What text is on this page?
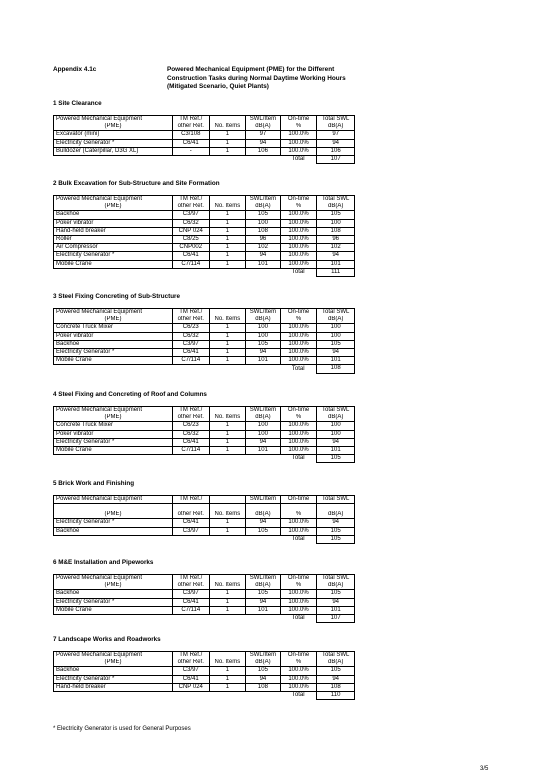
Appendix 4.1c	Powered Mechanical Equipment (PME) for the Different
Construction Tasks during Normal Daytime Working Hours
(Mitigated Scenario, Quiet Plants)
1 Site Clearance
Powered Mechanical Equipment	TM Ref./		SWL/Item	On-time	Total SWL
(PME)	other Ref.	No. Items	dB(A)	%	dB(A)
Excavator (mini)	C3/108	1	97	100.0%	97
Electricity Generator *	C6/41	1	94	100.0%	94
Bulldozer (Caterpillar, D3G XL)	-	1	106	100.0%	106
				Total	107
2 Bulk Excavation for Sub-Structure and Site Formation
Powered Mechanical Equipment	TM Ref./		SWL/Item	On-time	Total SWL
(PME)	other Ref.	No. Items	dB(A)	%	dB(A)
Backhoe	C3/97	1	105	100.0%	105
Poker vibrator	C6/32	1	100	100.0%	100
Hand-held breaker	CNP 024	1	108	100.0%	108
Roller	C8/25	1	96	100.0%	96
Air Compressor	CNP002	1	102	100.0%	102
Electricity Generator *	C6/41	1	94	100.0%	94
Mobile Crane	C7/114	1	101	100.0%	101
				Total	111
3 Steel Fixing Concreting of Sub-Structure
Powered Mechanical Equipment	TM Ref./		SWL/Item	On-time	Total SWL
(PME)	other Ref.	No. Items	dB(A)	%	dB(A)
Concrete Truck Mixer	C6/23	1	100	100.0%	100
Poker vibrator	C6/32	1	100	100.0%	100
Backhoe	C3/97	1	105	100.0%	105
Electricity Generator *	C6/41	1	94	100.0%	94
Mobile Crane	C7/114	1	101	100.0%	101
				Total	108
4 Steel Fixing and Concreting of Roof and Columns
Powered Mechanical Equipment	TM Ref./		SWL/Item	On-time	Total SWL
(PME)	other Ref.	No. Items	dB(A)	%	dB(A)
Concrete Truck Mixer	C6/23	1	100	100.0%	100
Poker vibrator	C6/32	1	100	100.0%	100
Electricity Generator *	C6/41	1	94	100.0%	94
Mobile Crane	C7/114	1	101	100.0%	101
				Total	105
5 Brick Work and Finishing
Powered Mechanical Equipment	TM Ref./		SWL/Item	On-time	Total SWL

(PME)	other Ref.	No. Items	dB(A)	%	dB(A)
Electricity Generator *	C6/41	1	94	100.0%	94
Backhoe	C3/97	1	105	100.0%	105
				Total	105
6 M&E Installation and Pipeworks
Powered Mechanical Equipment	TM Ref./		SWL/Item	On-time	Total SWL
(PME)	other Ref.	No. Items	dB(A)	%	dB(A)
Backhoe	C3/97	1	105	100.0%	105
Electricity Generator *	C6/41	1	94	100.0%	94
Mobile Crane	C7/114	1	101	100.0%	101
				Total	107
7 Landscape Works and Roadworks
Powered Mechanical Equipment	TM Ref./		SWL/Item	On-time	Total SWL
(PME)	other Ref.	No. Items	dB(A)	%	dB(A)
Backhoe	C3/97	1	105	100.0%	105
Electricity Generator *	C6/41	1	94	100.0%	94
Hand-held breaker	CNP 024	1	108	100.0%	108
				Total	110
* Electricity Generator is used for General Purposes
3/5
